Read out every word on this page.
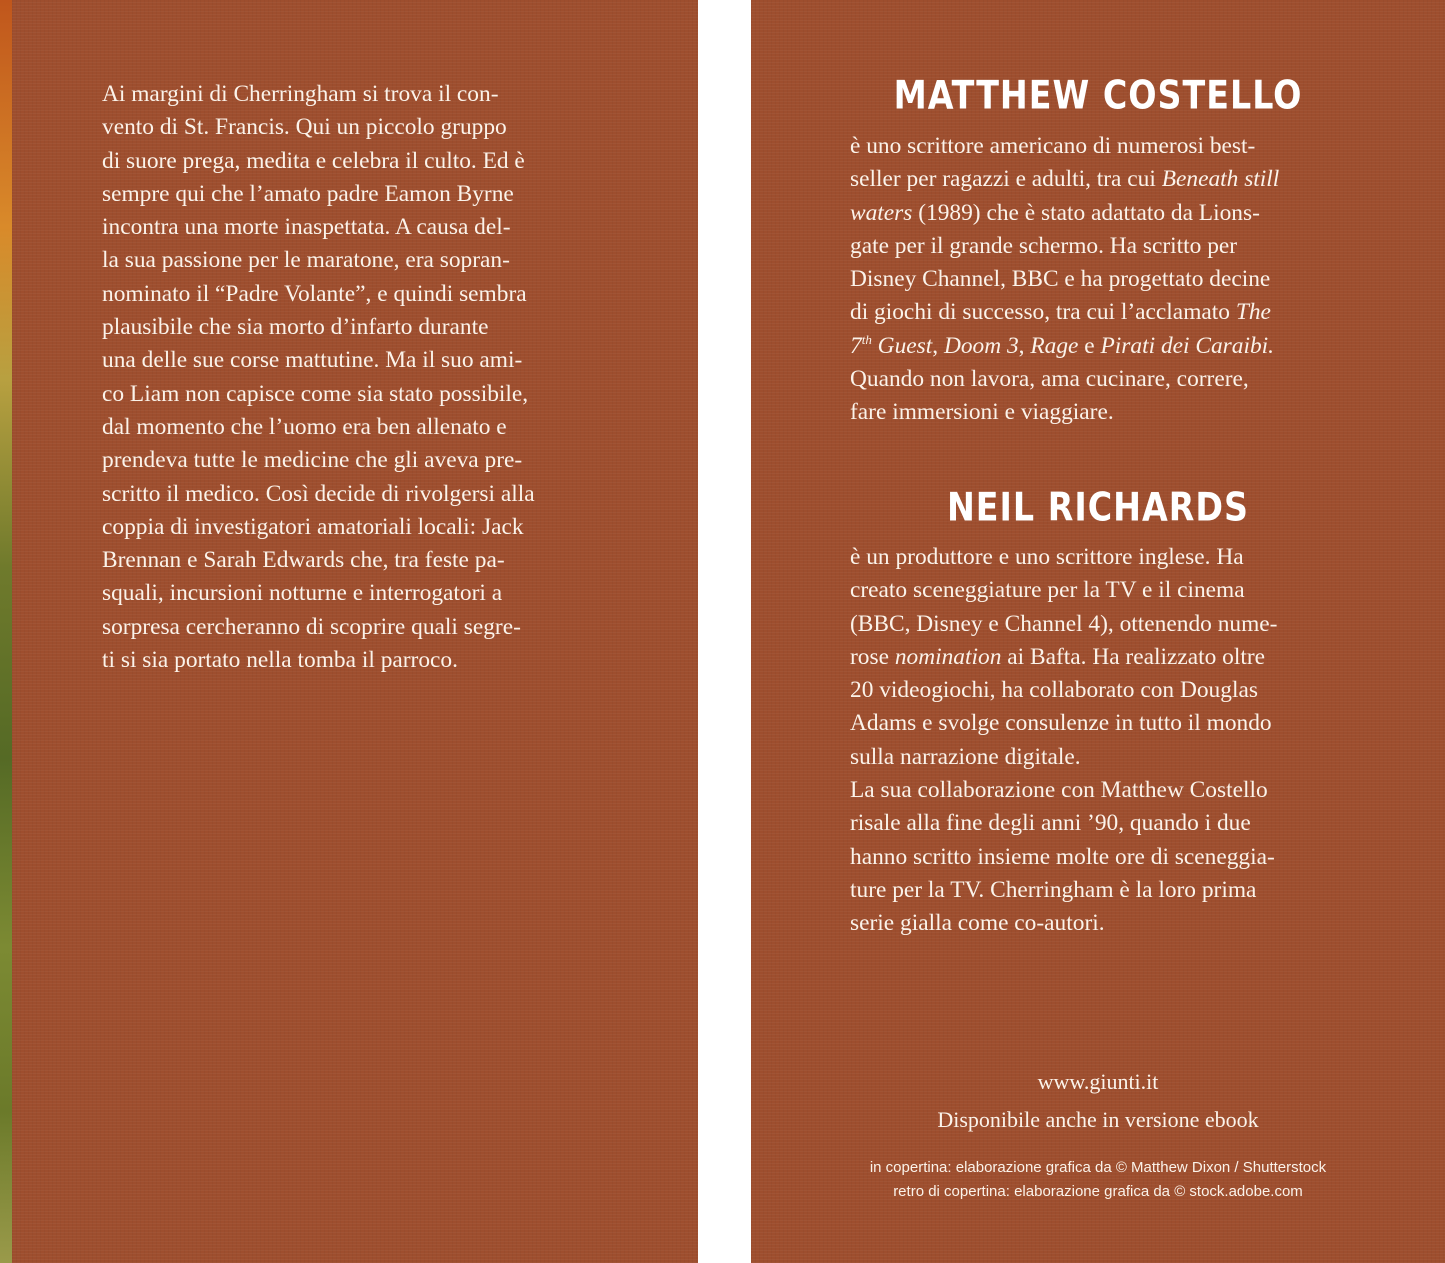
Ai margini di Cherringham si trova il con-
vento di St. Francis. Qui un piccolo gruppo
di suore prega, medita e celebra il culto. Ed è
sempre qui che l’amato padre Eamon Byrne
incontra una morte inaspettata. A causa del-
la sua passione per le maratone, era sopran-
nominato il “Padre Volante”, e quindi sembra
plausibile che sia morto d’infarto durante
una delle sue corse mattutine. Ma il suo ami-
co Liam non capisce come sia stato possibile,
dal momento che l’uomo era ben allenato e
prendeva tutte le medicine che gli aveva pre-
scritto il medico. Così decide di rivolgersi alla
coppia di investigatori amatoriali locali: Jack
Brennan e Sarah Edwards che, tra feste pa-
squali, incursioni notturne e interrogatori a
sorpresa cercheranno di scoprire quali segre-
ti si sia portato nella tomba il parroco.

MATTHEW COSTELLO

è uno scrittore americano di numerosi best-
seller per ragazzi e adulti, tra cui Beneath still
waters (1989) che è stato adattato da Lions-
gate per il grande schermo. Ha scritto per
Disney Channel, BBC e ha progettato decine
di giochi di successo, tra cui l’acclamato The
7th Guest, Doom 3, Rage e Pirati dei Caraibi.
Quando non lavora, ama cucinare, correre,
fare immersioni e viaggiare.

NEIL RICHARDS

è un produttore e uno scrittore inglese. Ha
creato sceneggiature per la TV e il cinema
(BBC, Disney e Channel 4), ottenendo nume-
rose nomination ai Bafta. Ha realizzato oltre
20 videogiochi, ha collaborato con Douglas
Adams e svolge consulenze in tutto il mondo
sulla narrazione digitale.
La sua collaborazione con Matthew Costello
risale alla fine degli anni ’90, quando i due
hanno scritto insieme molte ore di sceneggia-
ture per la TV. Cherringham è la loro prima
serie gialla come co-autori.

www.giunti.it

Disponibile anche in versione ebook

in copertina: elaborazione grafica da © Matthew Dixon / Shutterstock
retro di copertina: elaborazione grafica da © stock.adobe.com
